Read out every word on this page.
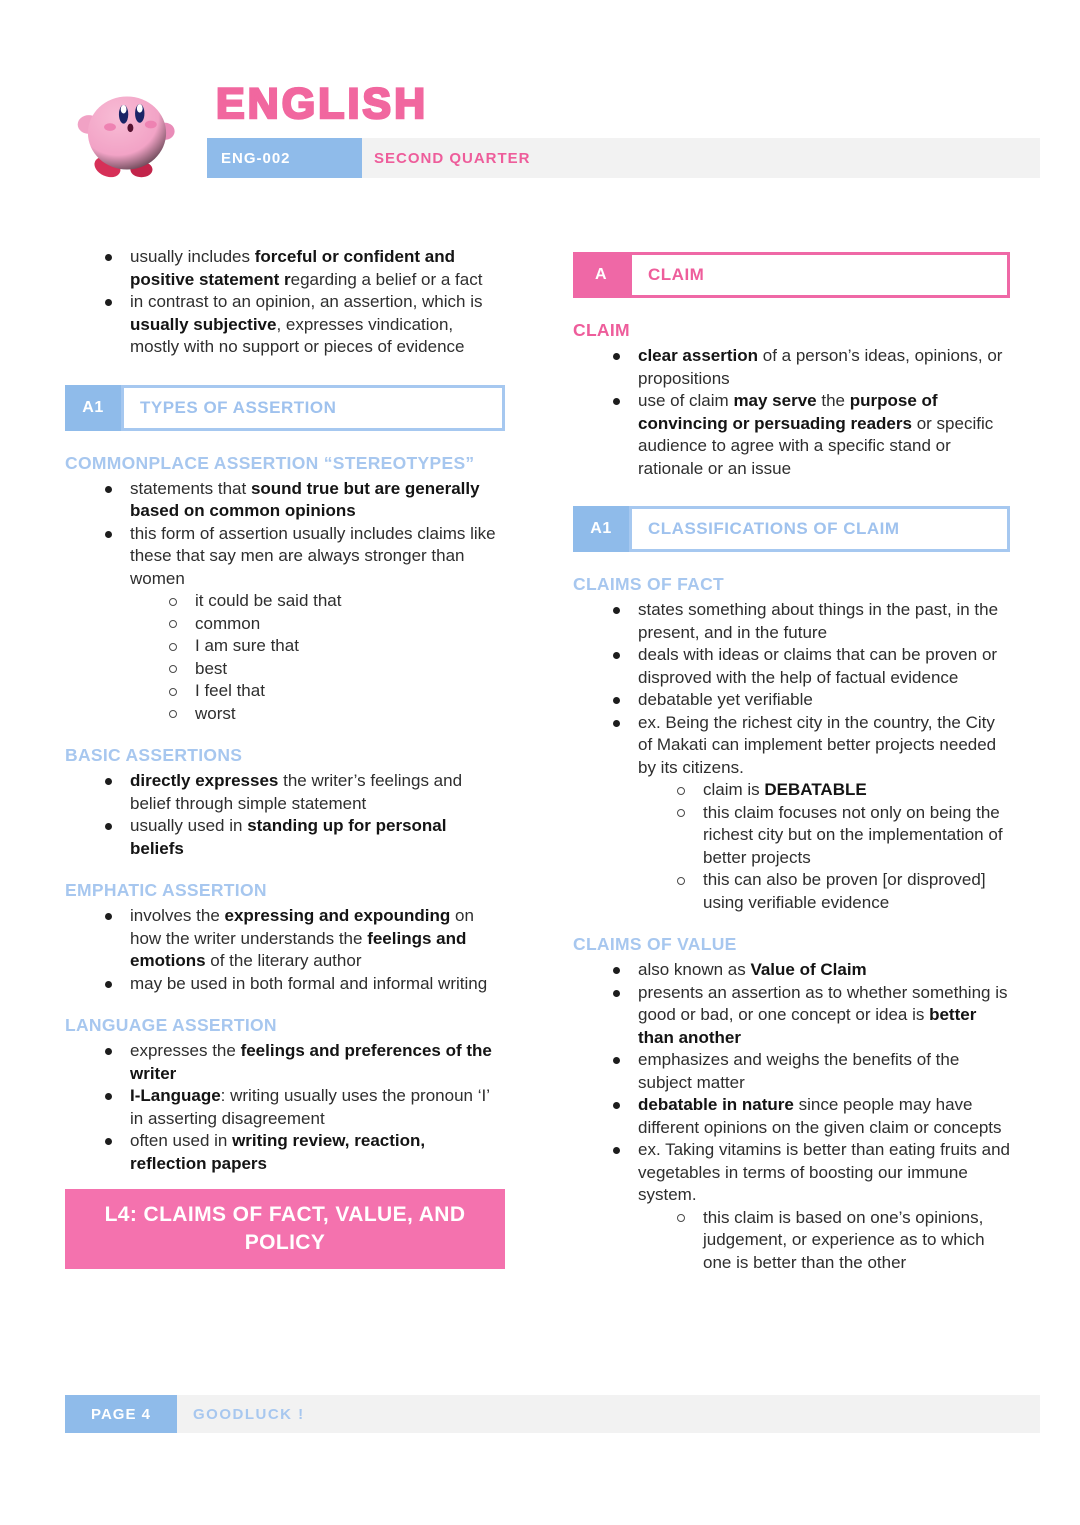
ENGLISH
ENG-002	SECOND QUARTER
usually includes forceful or confident and positive statement regarding a belief or a fact
in contrast to an opinion, an assertion, which is usually subjective, expresses vindication, mostly with no support or pieces of evidence
A1	TYPES OF ASSERTION
COMMONPLACE ASSERTION “STEREOTYPES”
statements that sound true but are generally based on common opinions
this form of assertion usually includes claims like these that say men are always stronger than women
it could be said that
common
I am sure that
best
I feel that
worst
BASIC ASSERTIONS
directly expresses the writer’s feelings and belief through simple statement
usually used in standing up for personal beliefs
EMPHATIC ASSERTION
involves the expressing and expounding on how the writer understands the feelings and emotions of the literary author
may be used in both formal and informal writing
LANGUAGE ASSERTION
expresses the feelings and preferences of the writer
I-Language: writing usually uses the pronoun ‘I’ in asserting disagreement
often used in writing review, reaction, reflection papers
L4: CLAIMS OF FACT, VALUE, AND POLICY
A	CLAIM
CLAIM
clear assertion of a person’s ideas, opinions, or propositions
use of claim may serve the purpose of convincing or persuading readers or specific audience to agree with a specific stand or rationale or an issue
A1	CLASSIFICATIONS OF CLAIM
CLAIMS OF FACT
states something about things in the past, in the present, and in the future
deals with ideas or claims that can be proven or disproved with the help of factual evidence
debatable yet verifiable
ex. Being the richest city in the country, the City of Makati can implement better projects needed by its citizens.
claim is DEBATABLE
this claim focuses not only on being the richest city but on the implementation of better projects
this can also be proven [or disproved] using verifiable evidence
CLAIMS OF VALUE
also known as Value of Claim
presents an assertion as to whether something is good or bad, or one concept or idea is better than another
emphasizes and weighs the benefits of the subject matter
debatable in nature since people may have different opinions on the given claim or concepts
ex. Taking vitamins is better than eating fruits and vegetables in terms of boosting our immune system.
this claim is based on one’s opinions, judgement, or experience as to which one is better than the other
PAGE 4	GOODLUCK !
